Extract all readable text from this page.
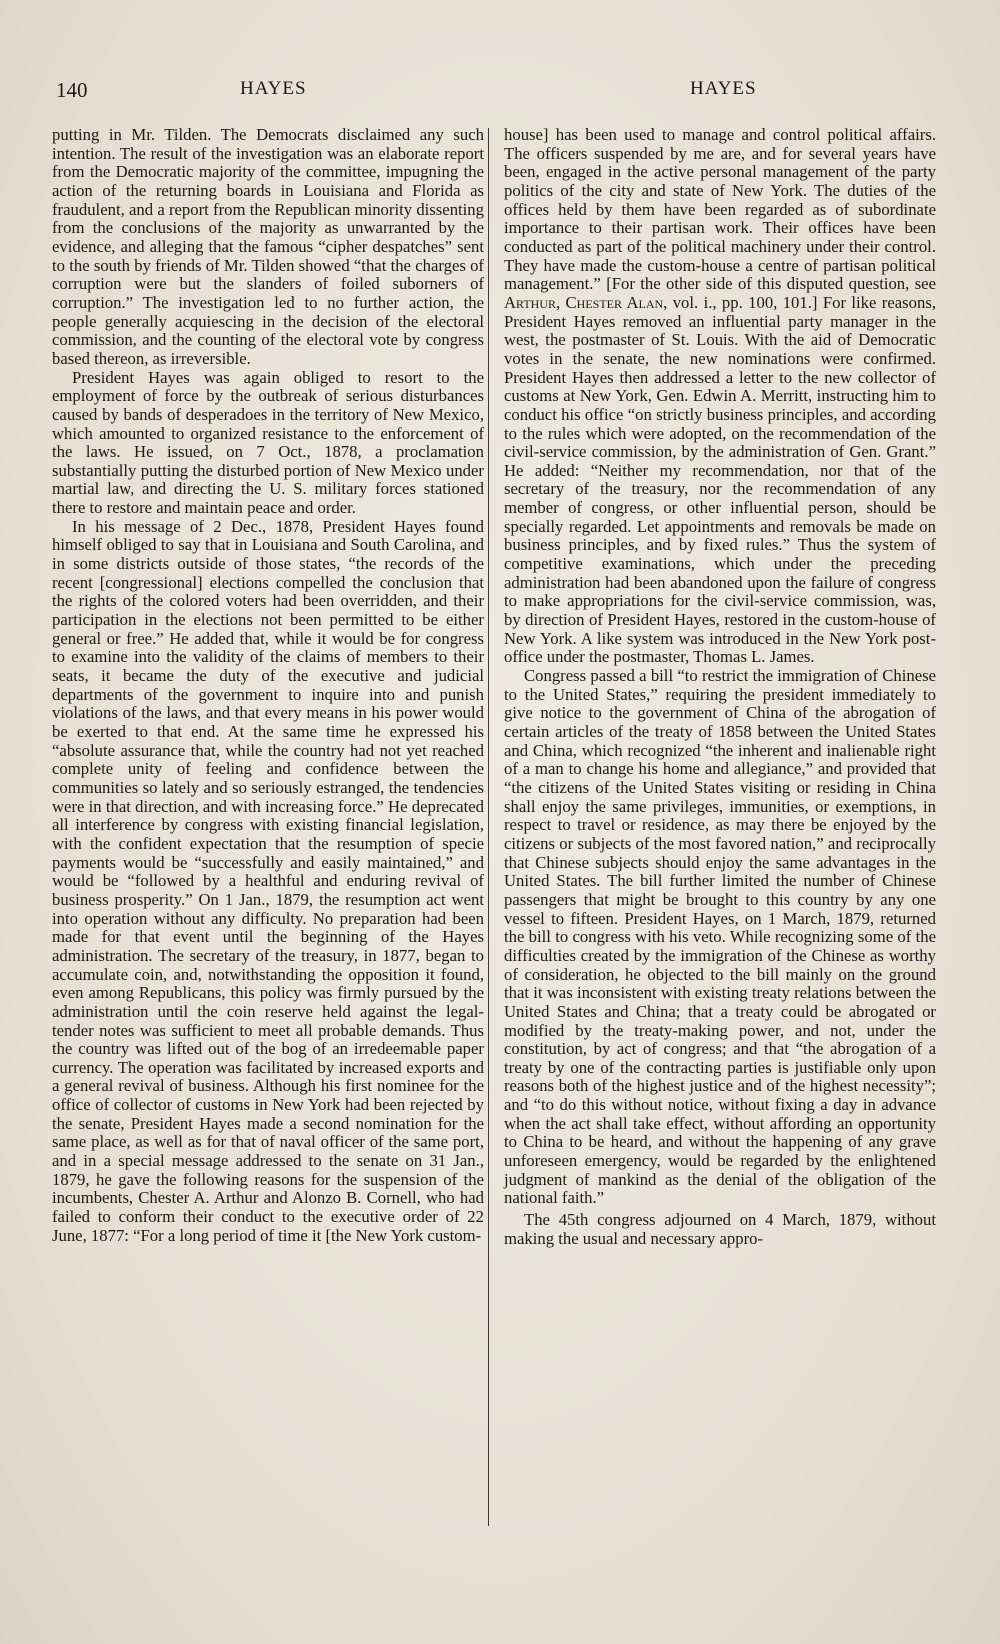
140	HAYES	HAYES

putting in Mr. Tilden. The Democrats disclaimed any such intention. The result of the investigation was an elaborate report from the Democratic majority of the committee, impugning the action of the returning boards in Louisiana and Florida as fraudulent, and a report from the Republican minority dissenting from the conclusions of the majority as unwarranted by the evidence, and alleging that the famous “cipher despatches” sent to the south by friends of Mr. Tilden showed “that the charges of corruption were but the slanders of foiled suborners of corruption.” The investigation led to no further action, the people generally acquiescing in the decision of the electoral commission, and the counting of the electoral vote by congress based thereon, as irreversible.

President Hayes was again obliged to resort to the employment of force by the outbreak of serious disturbances caused by bands of desperadoes in the territory of New Mexico, which amounted to organized resistance to the enforcement of the laws. He issued, on 7 Oct., 1878, a proclamation substantially putting the disturbed portion of New Mexico under martial law, and directing the U. S. military forces stationed there to restore and maintain peace and order.

In his message of 2 Dec., 1878, President Hayes found himself obliged to say that in Louisiana and South Carolina, and in some districts outside of those states, “the records of the recent [congressional] elections compelled the conclusion that the rights of the colored voters had been overridden, and their participation in the elections not been permitted to be either general or free.” He added that, while it would be for congress to examine into the validity of the claims of members to their seats, it became the duty of the executive and judicial departments of the government to inquire into and punish violations of the laws, and that every means in his power would be exerted to that end. At the same time he expressed his “absolute assurance that, while the country had not yet reached complete unity of feeling and confidence between the communities so lately and so seriously estranged, the tendencies were in that direction, and with increasing force.” He deprecated all interference by congress with existing financial legislation, with the confident expectation that the resumption of specie payments would be “successfully and easily maintained,” and would be “followed by a healthful and enduring revival of business prosperity.” On 1 Jan., 1879, the resumption act went into operation without any difficulty. No preparation had been made for that event until the beginning of the Hayes administration. The secretary of the treasury, in 1877, began to accumulate coin, and, notwithstanding the opposition it found, even among Republicans, this policy was firmly pursued by the administration until the coin reserve held against the legal-tender notes was sufficient to meet all probable demands. Thus the country was lifted out of the bog of an irredeemable paper currency. The operation was facilitated by increased exports and a general revival of business. Although his first nominee for the office of collector of customs in New York had been rejected by the senate, President Hayes made a second nomination for the same place, as well as for that of naval officer of the same port, and in a special message addressed to the senate on 31 Jan., 1879, he gave the following reasons for the suspension of the incumbents, Chester A. Arthur and Alonzo B. Cornell, who had failed to conform their conduct to the executive order of 22 June, 1877: “For a long period of time it [the New York custom-

house] has been used to manage and control political affairs. The officers suspended by me are, and for several years have been, engaged in the active personal management of the party politics of the city and state of New York. The duties of the offices held by them have been regarded as of subordinate importance to their partisan work. Their offices have been conducted as part of the political machinery under their control. They have made the custom-house a centre of partisan political management.” [For the other side of this disputed question, see Arthur, Chester Alan, vol. i., pp. 100, 101.] For like reasons, President Hayes removed an influential party manager in the west, the postmaster of St. Louis. With the aid of Democratic votes in the senate, the new nominations were confirmed. President Hayes then addressed a letter to the new collector of customs at New York, Gen. Edwin A. Merritt, instructing him to conduct his office “on strictly business principles, and according to the rules which were adopted, on the recommendation of the civil-service commission, by the administration of Gen. Grant.” He added: “Neither my recommendation, nor that of the secretary of the treasury, nor the recommendation of any member of congress, or other influential person, should be specially regarded. Let appointments and removals be made on business principles, and by fixed rules.” Thus the system of competitive examinations, which under the preceding administration had been abandoned upon the failure of congress to make appropriations for the civil-service commission, was, by direction of President Hayes, restored in the custom-house of New York. A like system was introduced in the New York post-office under the postmaster, Thomas L. James.

Congress passed a bill “to restrict the immigration of Chinese to the United States,” requiring the president immediately to give notice to the government of China of the abrogation of certain articles of the treaty of 1858 between the United States and China, which recognized “the inherent and inalienable right of a man to change his home and allegiance,” and provided that “the citizens of the United States visiting or residing in China shall enjoy the same privileges, immunities, or exemptions, in respect to travel or residence, as may there be enjoyed by the citizens or subjects of the most favored nation,” and reciprocally that Chinese subjects should enjoy the same advantages in the United States. The bill further limited the number of Chinese passengers that might be brought to this country by any one vessel to fifteen. President Hayes, on 1 March, 1879, returned the bill to congress with his veto. While recognizing some of the difficulties created by the immigration of the Chinese as worthy of consideration, he objected to the bill mainly on the ground that it was inconsistent with existing treaty relations between the United States and China; that a treaty could be abrogated or modified by the treaty-making power, and not, under the constitution, by act of congress; and that “the abrogation of a treaty by one of the contracting parties is justifiable only upon reasons both of the highest justice and of the highest necessity”; and “to do this without notice, without fixing a day in advance when the act shall take effect, without affording an opportunity to China to be heard, and without the happening of any grave unforeseen emergency, would be regarded by the enlightened judgment of mankind as the denial of the obligation of the national faith.”

The 45th congress adjourned on 4 March, 1879, without making the usual and necessary appro-
